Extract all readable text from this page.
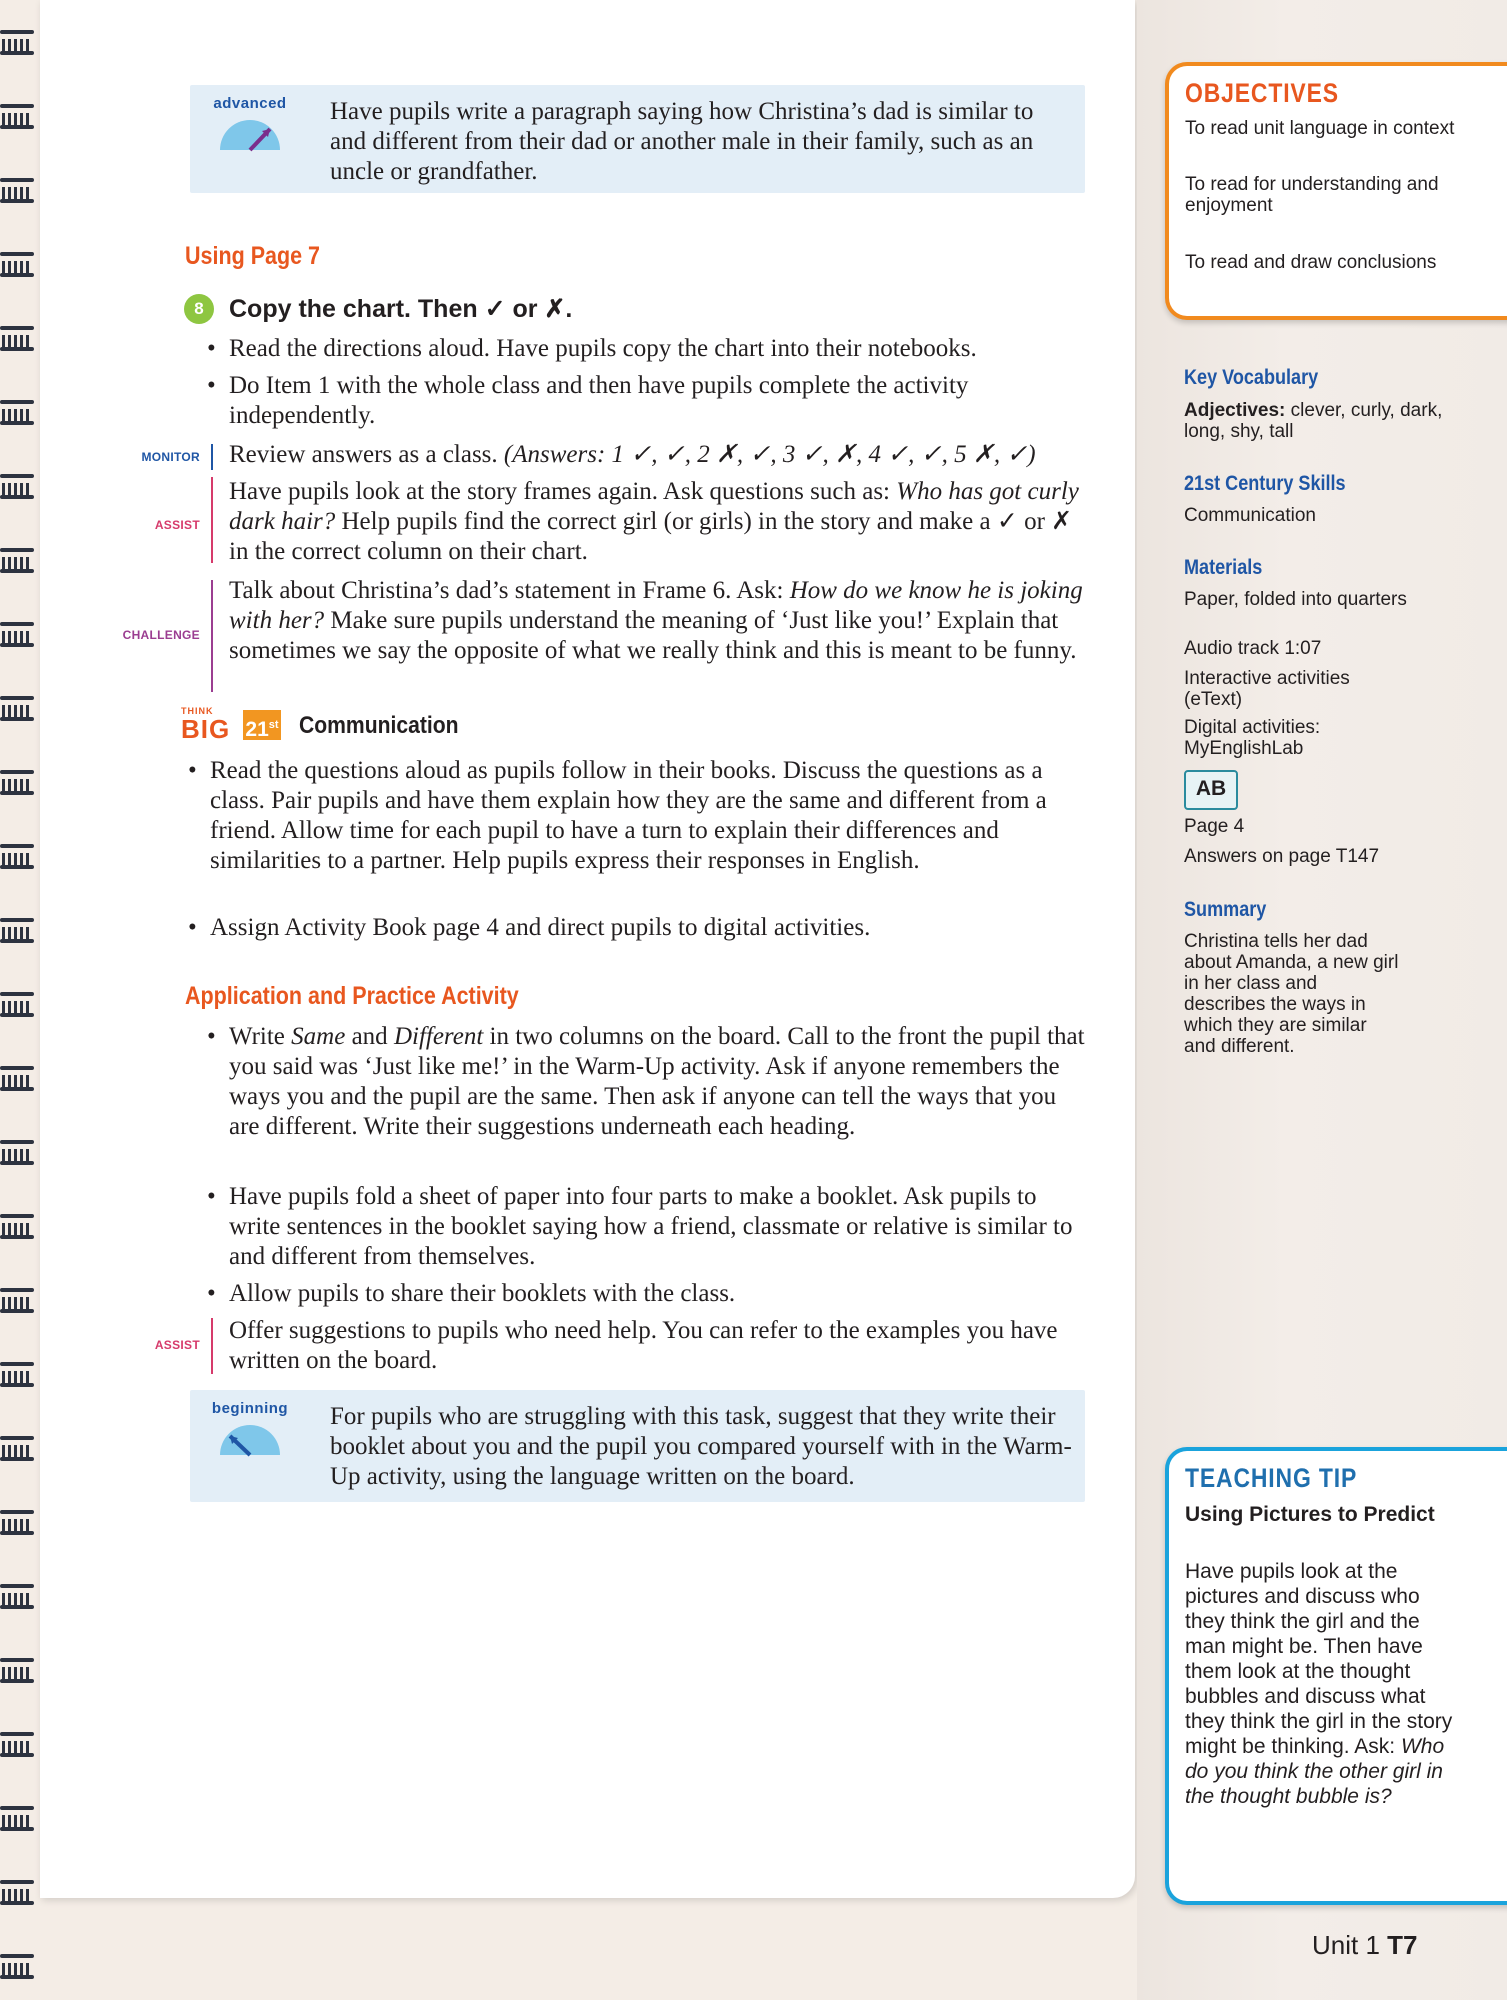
advanced Have pupils write a paragraph saying how Christina’s dad is similar to and different from their dad or another male in their family, such as an uncle or grandfather.
Using Page 7
8	Copy the chart. Then ✓ or ✗.
• Read the directions aloud. Have pupils copy the chart into their notebooks.
• Do Item 1 with the whole class and then have pupils complete the activity independently.
MONITOR Review answers as a class. (Answers: 1 ✓, ✓, 2 ✗, ✓, 3 ✓, ✗, 4 ✓, ✓, 5 ✗, ✓)
ASSIST
Have pupils look at the story frames again. Ask questions such as: Who has got curly dark hair? Help pupils find the correct girl (or girls) in the story and make a ✓ or ✗ in the correct column on their chart.
CHALLENGE
Talk about Christina’s dad’s statement in Frame 6. Ask: How do we know he is joking with her? Make sure pupils understand the meaning of ‘Just like you!’ Explain that sometimes we say the opposite of what we really think and this is meant to be funny.
THINK
BIG 21st Communication
• Read the questions aloud as pupils follow in their books. Discuss the questions as a class. Pair pupils and have them explain how they are the same and different from a friend. Allow time for each pupil to have a turn to explain their differences and similarities to a partner. Help pupils express their responses in English.
• Assign Activity Book page 4 and direct pupils to digital activities.
Application and Practice Activity
• Write Same and Different in two columns on the board. Call to the front the pupil that you said was ‘Just like me!’ in the Warm-Up activity. Ask if anyone remembers the ways you and the pupil are the same. Then ask if anyone can tell the ways that you are different. Write their suggestions underneath each heading.
• Have pupils fold a sheet of paper into four parts to make a booklet. Ask pupils to write sentences in the booklet saying how a friend, classmate or relative is similar to and different from themselves.
• Allow pupils to share their booklets with the class.
ASSIST
Offer suggestions to pupils who need help. You can refer to the examples you have written on the board.
beginning For pupils who are struggling with this task, suggest that they write their booklet about you and the pupil you compared yourself with in the Warm-Up activity, using the language written on the board.
OBJECTIVES
To read unit language in context
To read for understanding and enjoyment
To read and draw conclusions
Key Vocabulary
Adjectives: clever, curly, dark, long, shy, tall
21st Century Skills
Communication
Materials
Paper, folded into quarters
Audio track 1:07
Interactive activities (eText)
Digital activities: MyEnglishLab
AB
Page 4
Answers on page T147
Summary
Christina tells her dad about Amanda, a new girl in her class and describes the ways in which they are similar and different.
TEACHING TIP
Using Pictures to Predict
Have pupils look at the pictures and discuss who they think the girl and the man might be. Then have them look at the thought bubbles and discuss what they think the girl in the story might be thinking. Ask: Who do you think the other girl in the thought bubble is?
Unit 1 T7
